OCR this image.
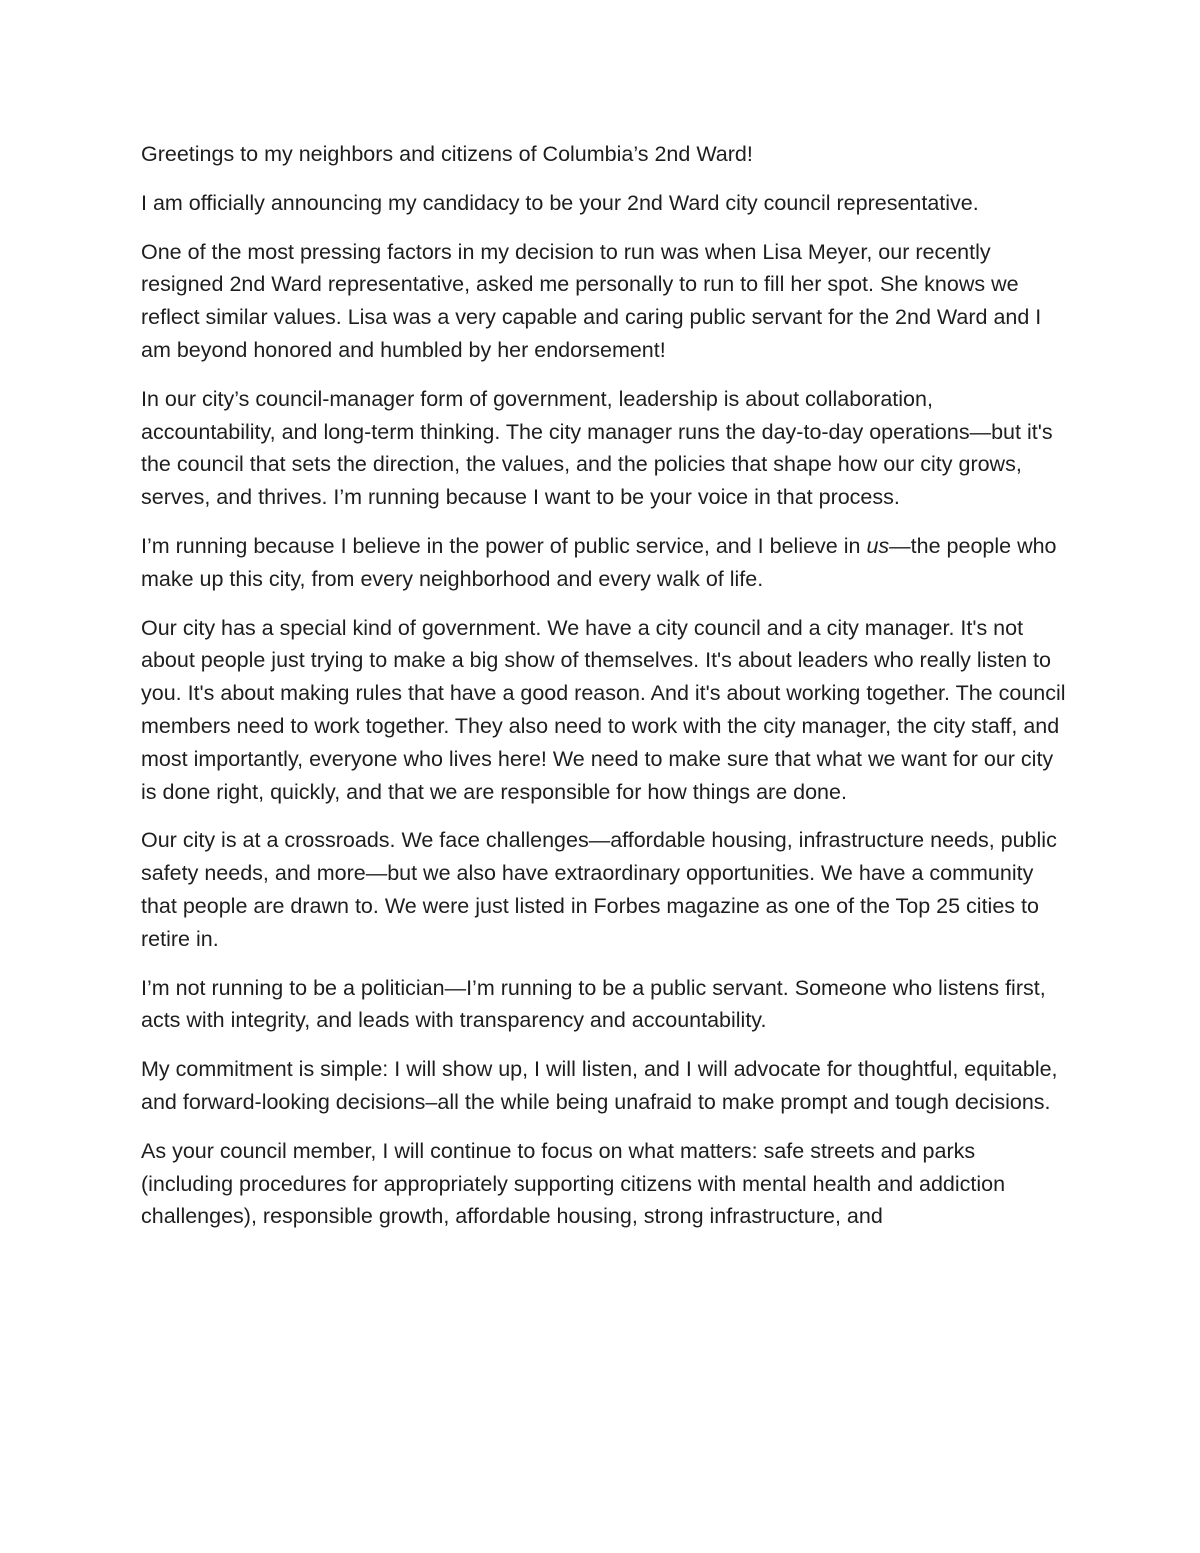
Greetings to my neighbors and citizens of Columbia’s 2nd Ward!

I am officially announcing my candidacy to be your 2nd Ward city council representative.

One of the most pressing factors in my decision to run was when Lisa Meyer, our recently resigned 2nd Ward representative, asked me personally to run to fill her spot. She knows we reflect similar values. Lisa was a very capable and caring public servant for the 2nd Ward and I am beyond honored and humbled by her endorsement!

In our city’s council-manager form of government, leadership is about collaboration, accountability, and long-term thinking. The city manager runs the day-to-day operations—but it's the council that sets the direction, the values, and the policies that shape how our city grows, serves, and thrives. I’m running because I want to be your voice in that process.

I’m running because I believe in the power of public service, and I believe in us—the people who make up this city, from every neighborhood and every walk of life.

Our city has a special kind of government. We have a city council and a city manager. It's not about people just trying to make a big show of themselves. It's about leaders who really listen to you. It's about making rules that have a good reason. And it's about working together. The council members need to work together. They also need to work with the city manager, the city staff, and most importantly, everyone who lives here! We need to make sure that what we want for our city is done right, quickly, and that we are responsible for how things are done.

Our city is at a crossroads. We face challenges—affordable housing, infrastructure needs, public safety needs, and more—but we also have extraordinary opportunities. We have a community that people are drawn to. We were just listed in Forbes magazine as one of the Top 25 cities to retire in.

I’m not running to be a politician—I’m running to be a public servant. Someone who listens first, acts with integrity, and leads with transparency and accountability.

My commitment is simple: I will show up, I will listen, and I will advocate for thoughtful, equitable, and forward-looking decisions–all the while being unafraid to make prompt and tough decisions.

As your council member, I will continue to focus on what matters: safe streets and parks (including procedures for appropriately supporting citizens with mental health and addiction challenges), responsible growth, affordable housing, strong infrastructure, and
